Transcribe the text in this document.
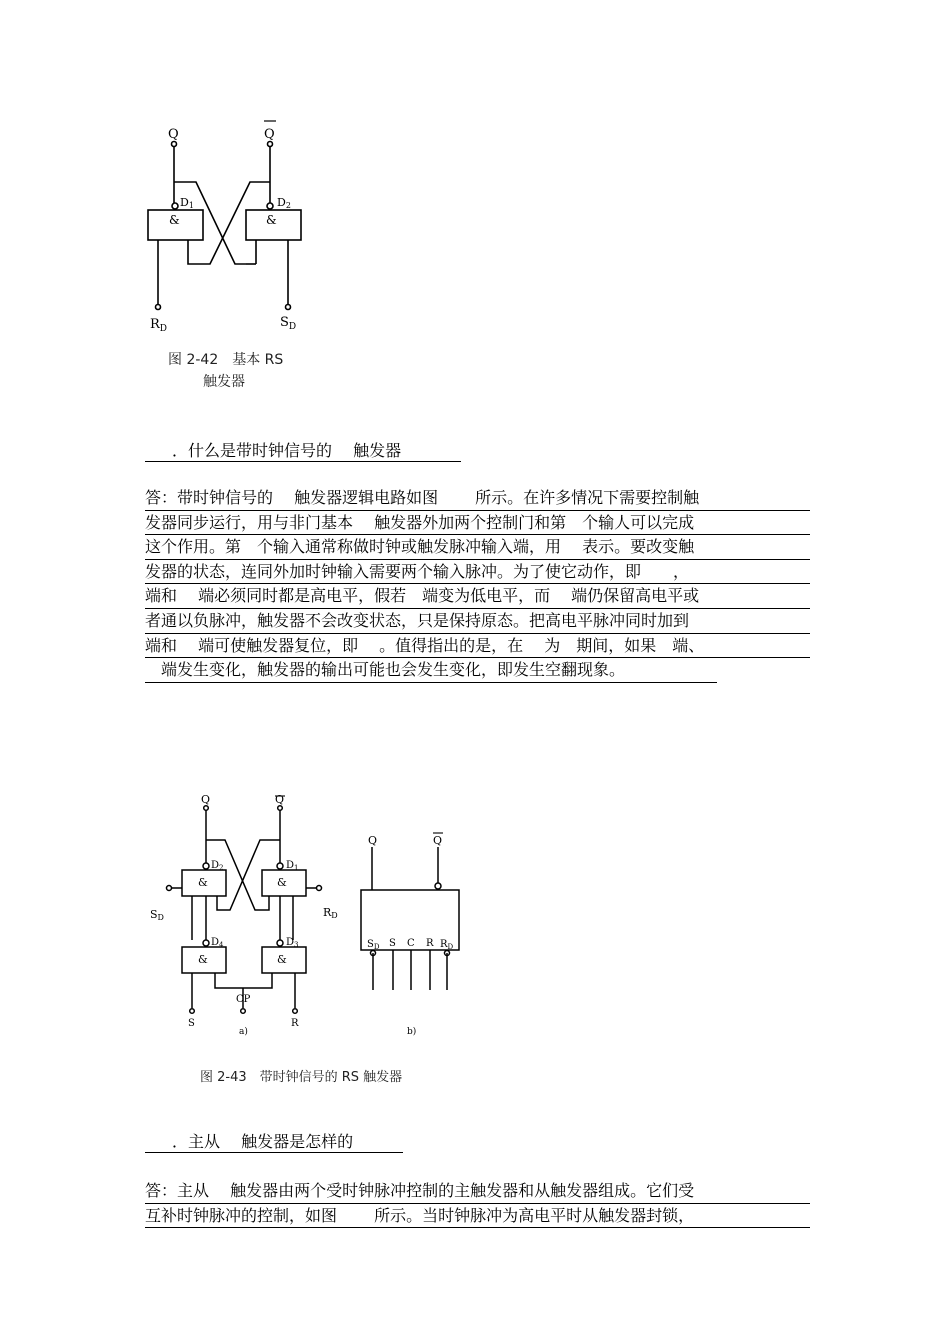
Q	Q
D1	D2
&	&
$R_D$	$S_D$
图 2-42　基本 RS
触发器
．什么是带时钟信号的　 触发器
答：带时钟信号的　 触发器逻辑电路如图　　 所示。在许多情况下需要控制触
发器同步运行，用与非门基本　 触发器外加两个控制门和第　个输人可以完成
这个作用。第　个输入通常称做时钟或触发脉冲输入端，用　 表示。要改变触
发器的状态，连同外加时钟输入需要两个输入脉冲。为了使它动作，即　　，
端和　 端必须同时都是高电平，假若　端变为低电平，而　 端仍保留高电平或
者通以负脉冲，触发器不会改变状态，只是保持原态。把高电平脉冲同时加到
端和　 端可使触发器复位，即　 。值得指出的是，在　 为　期间，如果　端、
　端发生变化，触发器的输出可能也会发生变化，即发生空翻现象。
Q	Q
$D_2$	$D_1$
$D_4$	$D_3$
&	&
&	&
SD	RD
S
CP
R
a)
Q	Q
$S_D$ S C R $R_D$
b)
图 2-43　带时钟信号的 RS 触发器
．主从　 触发器是怎样的
答：主从　 触发器由两个受时钟脉冲控制的主触发器和从触发器组成。它们受
互补时钟脉冲的控制，如图　　 所示。当时钟脉冲为高电平时从触发器封锁，
